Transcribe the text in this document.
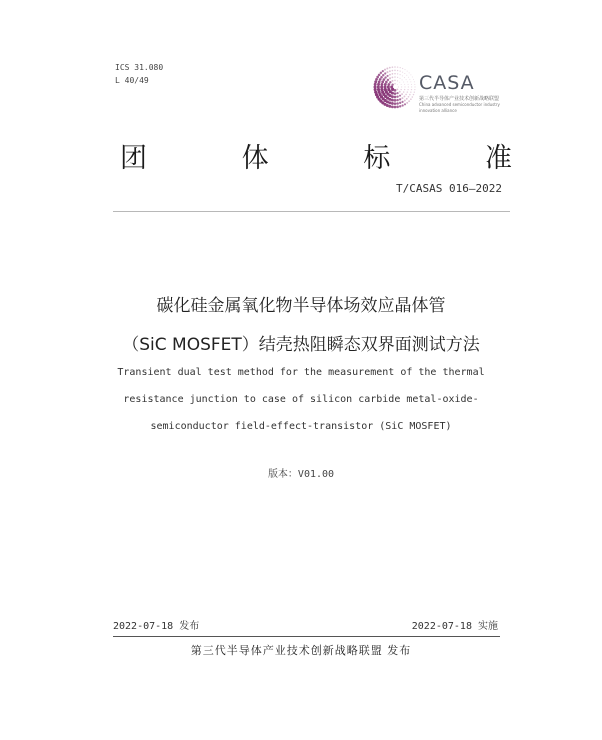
ICS 31.080
L 40/49	CASA
第三代半导体产业技术创新战略联盟
China advanced semiconductor industry
innovation alliance
团	体	标	准
T/CASAS 016—2022
碳化硅金属氧化物半导体场效应晶体管
（SiC MOSFET）结壳热阻瞬态双界面测试方法
Transient dual test method for the measurement of the thermal
resistance junction to case of silicon carbide metal-oxide-
semiconductor field-effect-transistor (SiC MOSFET)
版本：V01.00
2022-07-18 发布	2022-07-18 实施
第三代半导体产业技术创新战略联盟 发布
